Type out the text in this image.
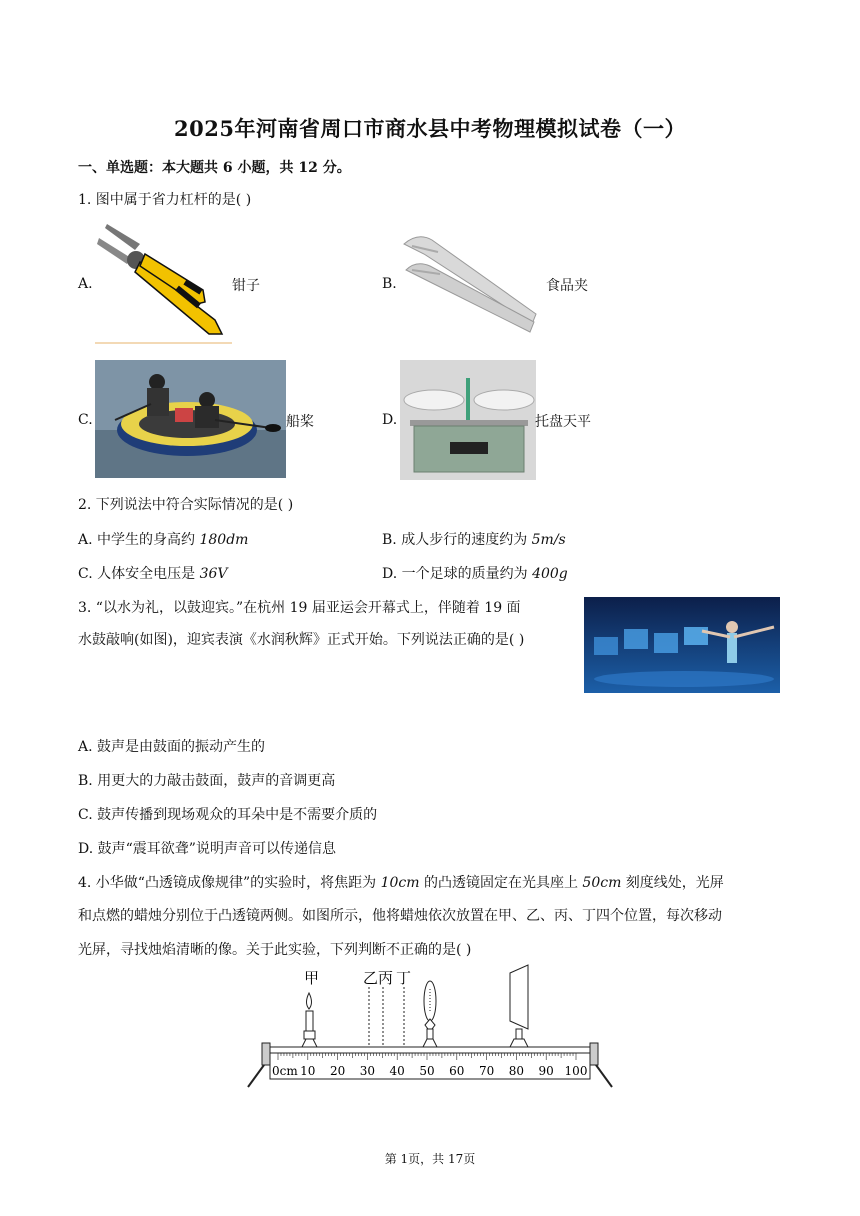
2025年河南省周口市商水县中考物理模拟试卷（一）
一、单选题：本大题共 6 小题，共 12 分。
1. 图中属于省力杠杆的是( )
A.	钳子	B.	食品夹
C.	船桨	D.	托盘天平
2. 下列说法中符合实际情况的是( )
A. 中学生的身高约 180dm	B. 成人步行的速度约为 5m/s
C. 人体安全电压是 36V	D. 一个足球的质量约为 400g
3. “以水为礼，以鼓迎宾。”在杭州 19 届亚运会开幕式上，伴随着 19 面
水鼓敲响(如图)，迎宾表演《水润秋辉》正式开始。下列说法正确的是( )
A. 鼓声是由鼓面的振动产生的
B. 用更大的力敲击鼓面，鼓声的音调更高
C. 鼓声传播到现场观众的耳朵中是不需要介质的
D. 鼓声“震耳欲聋”说明声音可以传递信息
4. 小华做“凸透镜成像规律”的实验时，将焦距为 10cm 的凸透镜固定在光具座上 50cm 刻度线处，光屏
和点燃的蜡烛分别位于凸透镜两侧。如图所示，他将蜡烛依次放置在甲、乙、丙、丁四个位置，每次移动
光屏，寻找烛焰清晰的像。关于此实验，下列判断不正确的是( )
甲	乙 丙 丁
0cm 10 20 30 40 50 60 70 80 90 100
第 1页，共 17页
